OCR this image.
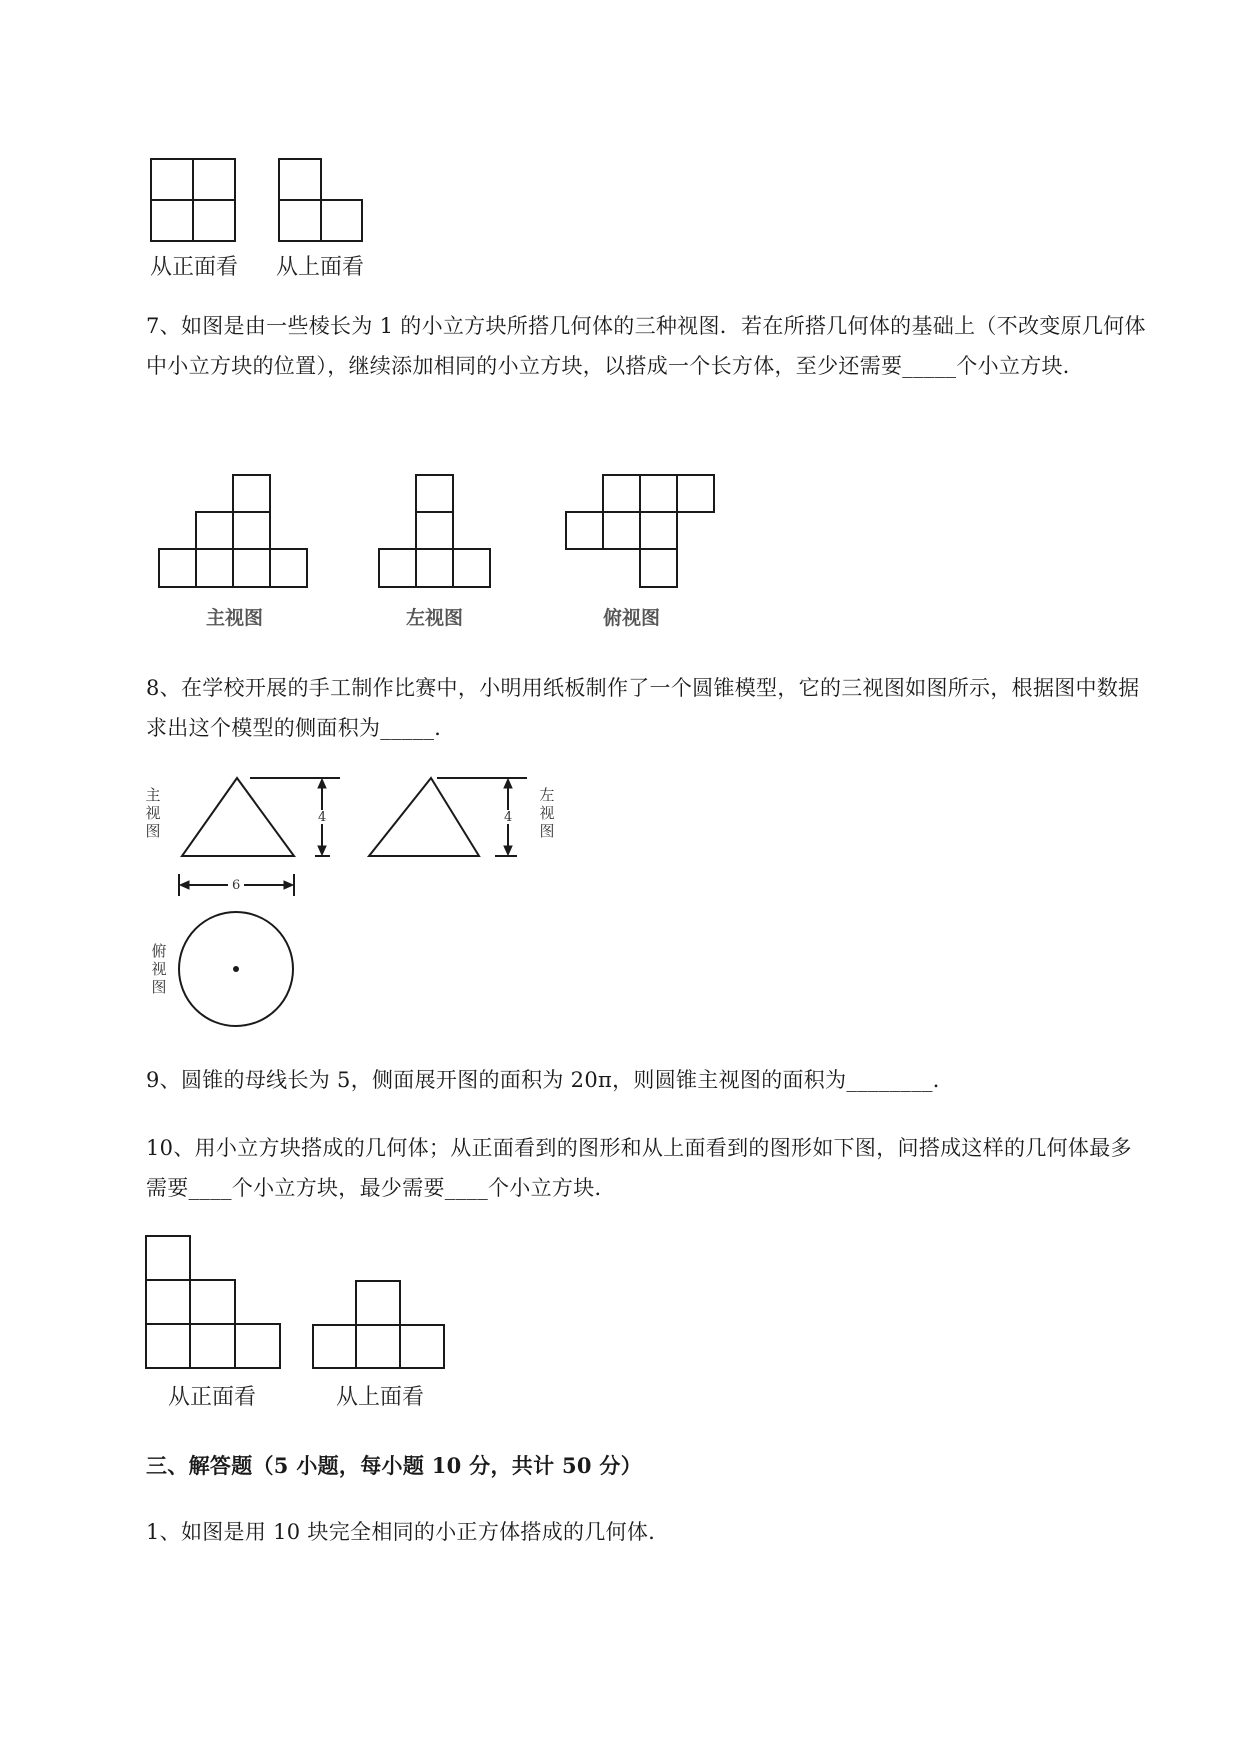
从正面看 从上面看

7、如图是由一些棱长为 1 的小立方块所搭几何体的三种视图．若在所搭几何体的基础上（不改变原几何体中小立方块的位置），继续添加相同的小立方块，以搭成一个长方体，至少还需要_____个小立方块．

主视图	左视图	俯视图

8、在学校开展的手工制作比赛中，小明用纸板制作了一个圆锥模型，它的三视图如图所示，根据图中数据求出这个模型的侧面积为_____．

主视图
4	4
左视图
6
俯视图

9、圆锥的母线长为 5，侧面展开图的面积为 20π，则圆锥主视图的面积为________．

10、用小立方块搭成的几何体；从正面看到的图形和从上面看到的图形如下图，问搭成这样的几何体最多需要____个小立方块，最少需要____个小立方块．

从正面看	从上面看

三、解答题（5 小题，每小题 10 分，共计 50 分）

1、如图是用 10 块完全相同的小正方体搭成的几何体．
